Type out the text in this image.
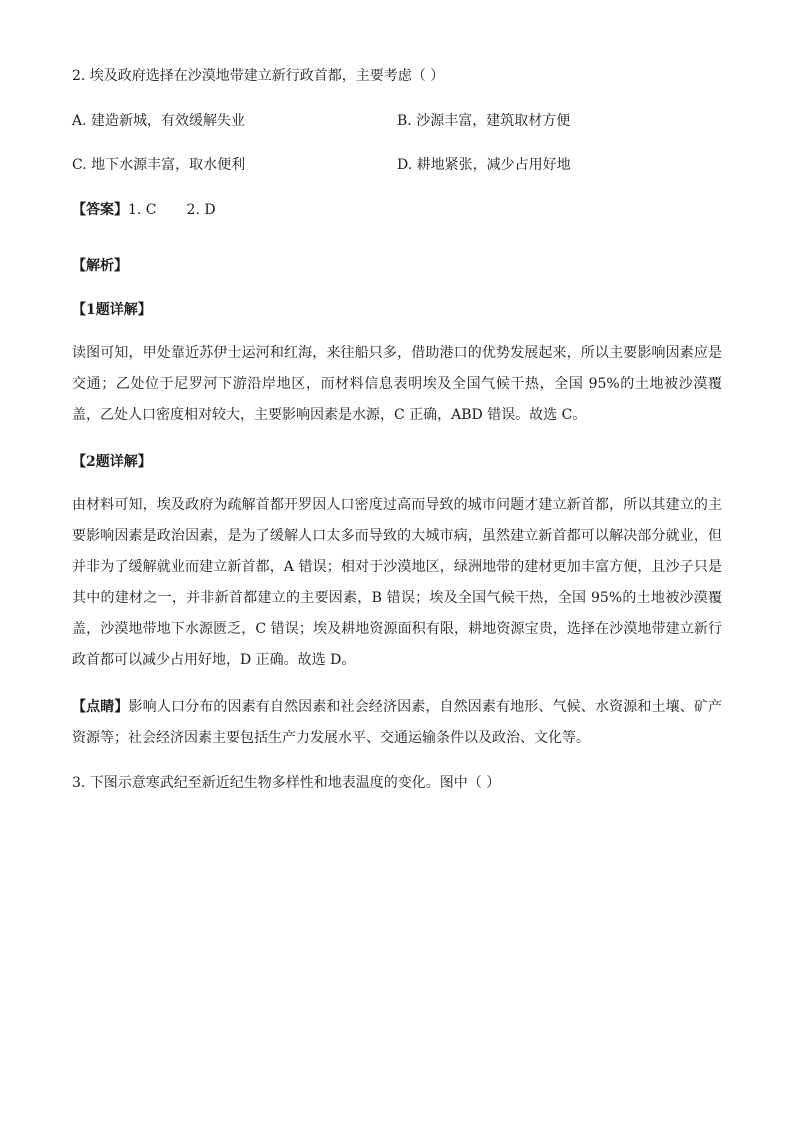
2. 埃及政府选择在沙漠地带建立新行政首都，主要考虑（ ）
A. 建造新城，有效缓解失业	B. 沙源丰富，建筑取材方便
C. 地下水源丰富，取水便利	D. 耕地紧张，减少占用好地
【答案】1. C 2. D
【解析】
【1题详解】
读图可知，甲处靠近苏伊士运河和红海，来往船只多，借助港口的优势发展起来，所以主要影响因素应是交通；乙处位于尼罗河下游沿岸地区，而材料信息表明埃及全国气候干热，全国 95%的土地被沙漠覆盖，乙处人口密度相对较大，主要影响因素是水源，C 正确，ABD 错误。故选 C。
【2题详解】
由材料可知，埃及政府为疏解首都开罗因人口密度过高而导致的城市问题才建立新首都，所以其建立的主要影响因素是政治因素，是为了缓解人口太多而导致的大城市病，虽然建立新首都可以解决部分就业，但并非为了缓解就业而建立新首都，A 错误；相对于沙漠地区，绿洲地带的建材更加丰富方便，且沙子只是其中的建材之一，并非新首都建立的主要因素，B 错误；埃及全国气候干热，全国 95%的土地被沙漠覆盖，沙漠地带地下水源匮乏，C 错误；埃及耕地资源面积有限，耕地资源宝贵，选择在沙漠地带建立新行政首都可以减少占用好地，D 正确。故选 D。
【点睛】影响人口分布的因素有自然因素和社会经济因素，自然因素有地形、气候、水资源和土壤、矿产资源等；社会经济因素主要包括生产力发展水平、交通运输条件以及政治、文化等。
3. 下图示意寒武纪至新近纪生物多样性和地表温度的变化。图中（ ）
